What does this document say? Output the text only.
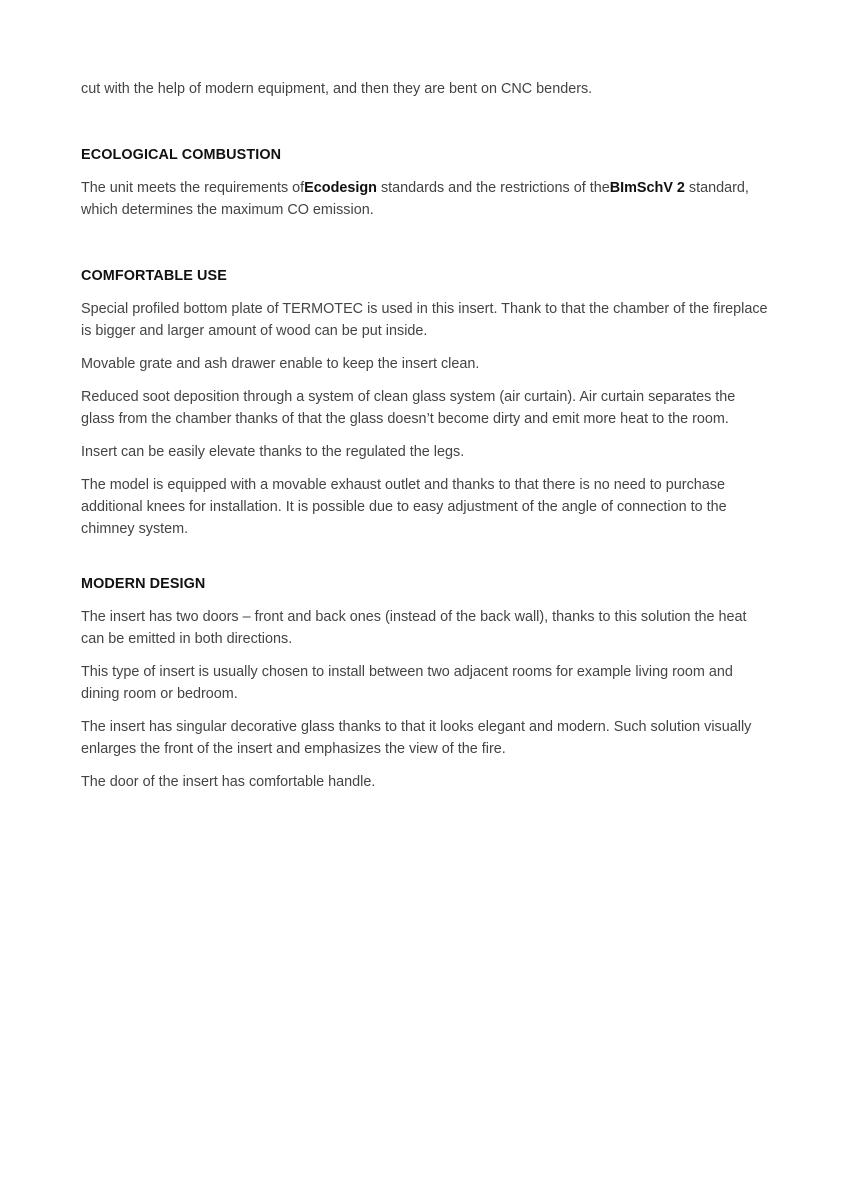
cut with the help of modern equipment, and then they are bent on CNC benders.

ECOLOGICAL COMBUSTION

The unit meets the requirements ofEcodesign standards and the restrictions of theBImSchV 2 standard, which determines the maximum CO emission.

COMFORTABLE USE

Special profiled bottom plate of TERMOTEC is used in this insert. Thank to that the chamber of the fireplace is bigger and larger amount of wood can be put inside.

Movable grate and ash drawer enable to keep the insert clean.

Reduced soot deposition through a system of clean glass system (air curtain). Air curtain separates the glass from the chamber thanks of that the glass doesn’t become dirty and emit more heat to the room.

Insert can be easily elevate thanks to the regulated the legs.

The model is equipped with a movable exhaust outlet and thanks to that there is no need to purchase additional knees for installation. It is possible due to easy adjustment of the angle of connection to the chimney system.

MODERN DESIGN

The insert has two doors – front and back ones (instead of the back wall), thanks to this solution the heat can be emitted in both directions.

This type of insert is usually chosen to install between two adjacent rooms for example living room and dining room or bedroom.

The insert has singular decorative glass thanks to that it looks elegant and modern. Such solution visually enlarges the front of the insert and emphasizes the view of the fire.

The door of the insert has comfortable handle.
